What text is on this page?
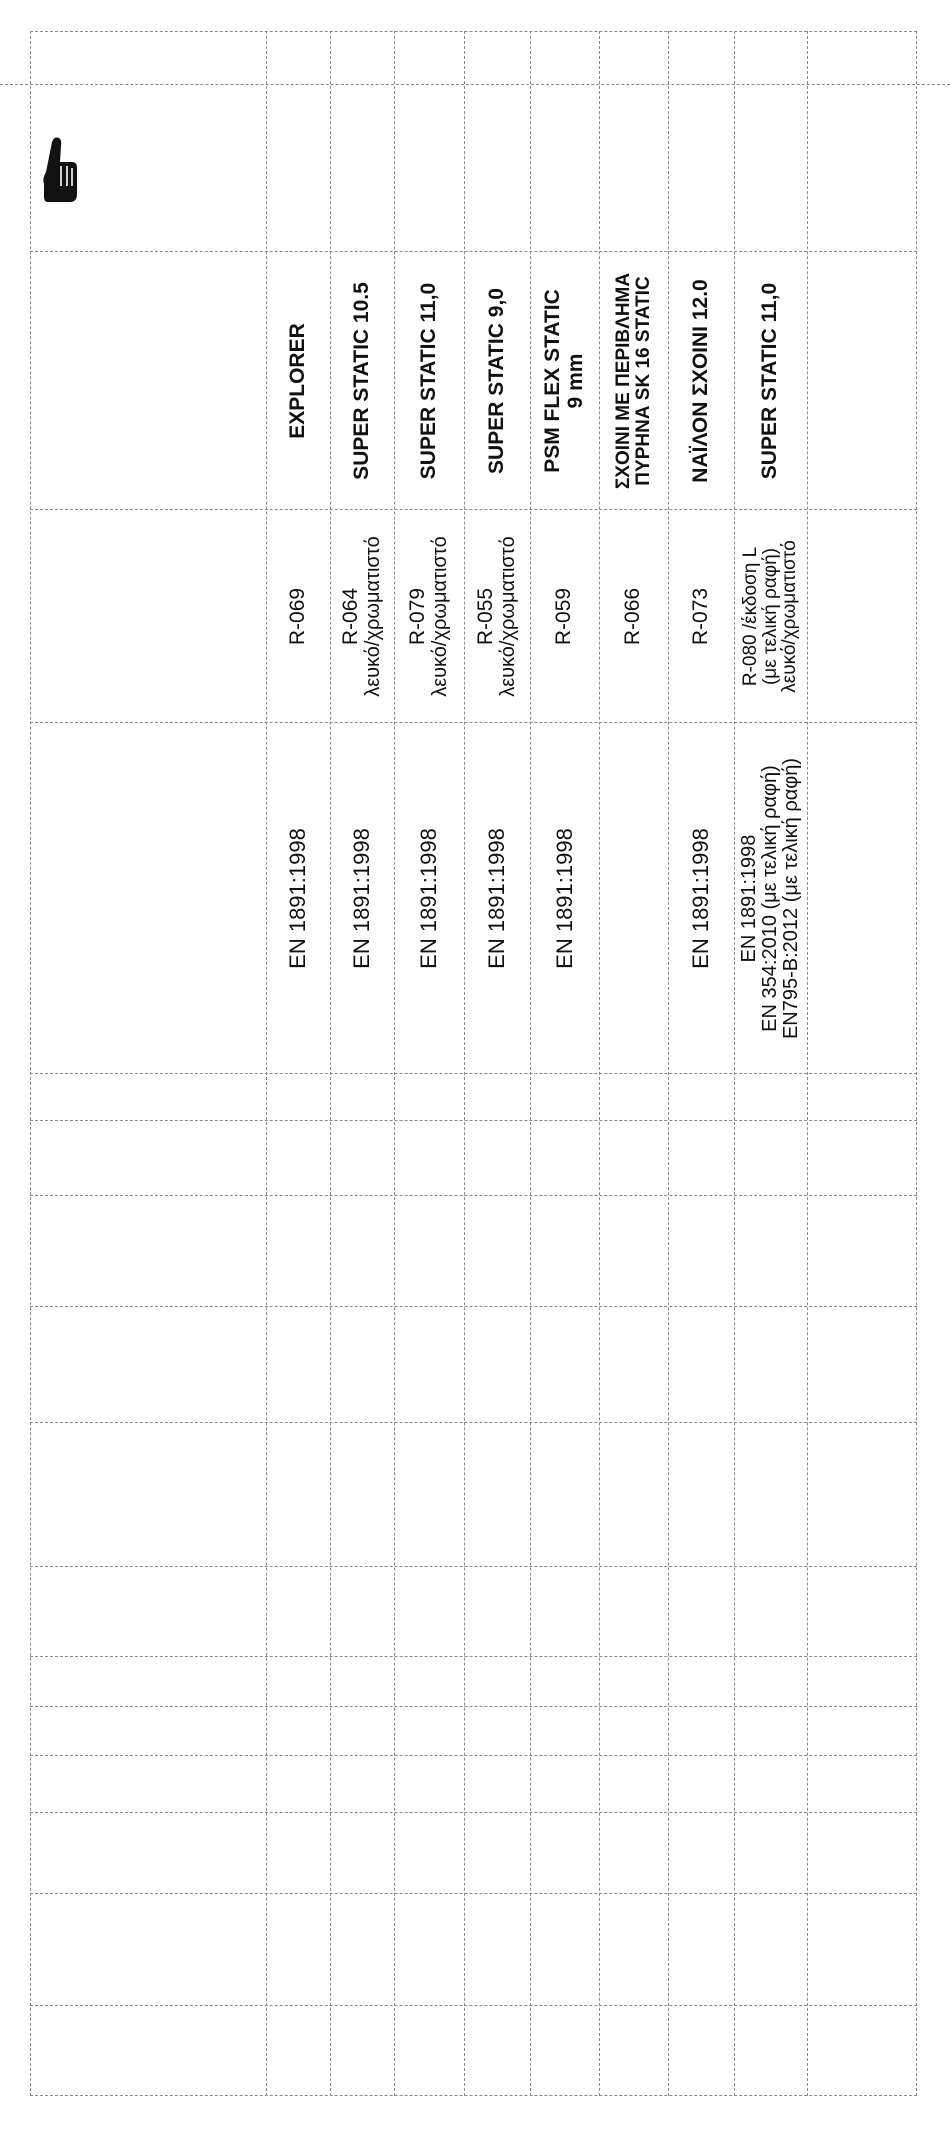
EN 1891:1998
R-069
EXPLORER
EN 1891:1998
R-064 λευκό/χρωματιστό
SUPER STATIC 10.5
EN 1891:1998
R-079 λευκό/χρωματιστό
SUPER STATIC 11,0
EN 1891:1998
R-055 λευκό/χρωματιστό
SUPER STATIC 9,0
EN 1891:1998
R-059
PSM FLEX STATIC 9 mm
R-066
ΣΧΟΙΝΙ ΜΕ ΠΕΡΙΒΛΗΜΑ
ΠΥΡΗΝΑ SK 16 STATIC
EN 1891:1998
R-073
ΝΑΪΛΟΝ ΣΧΟΙΝΙ 12.0
EN 1891:1998 EN 354:2010 (με τελική ραφή) EN795-B:2012 (με τελική ραφή)
R-080 /έκδοση L
(με τελική ραφή)
λευκό/χρωματιστό
SUPER STATIC 11,0
